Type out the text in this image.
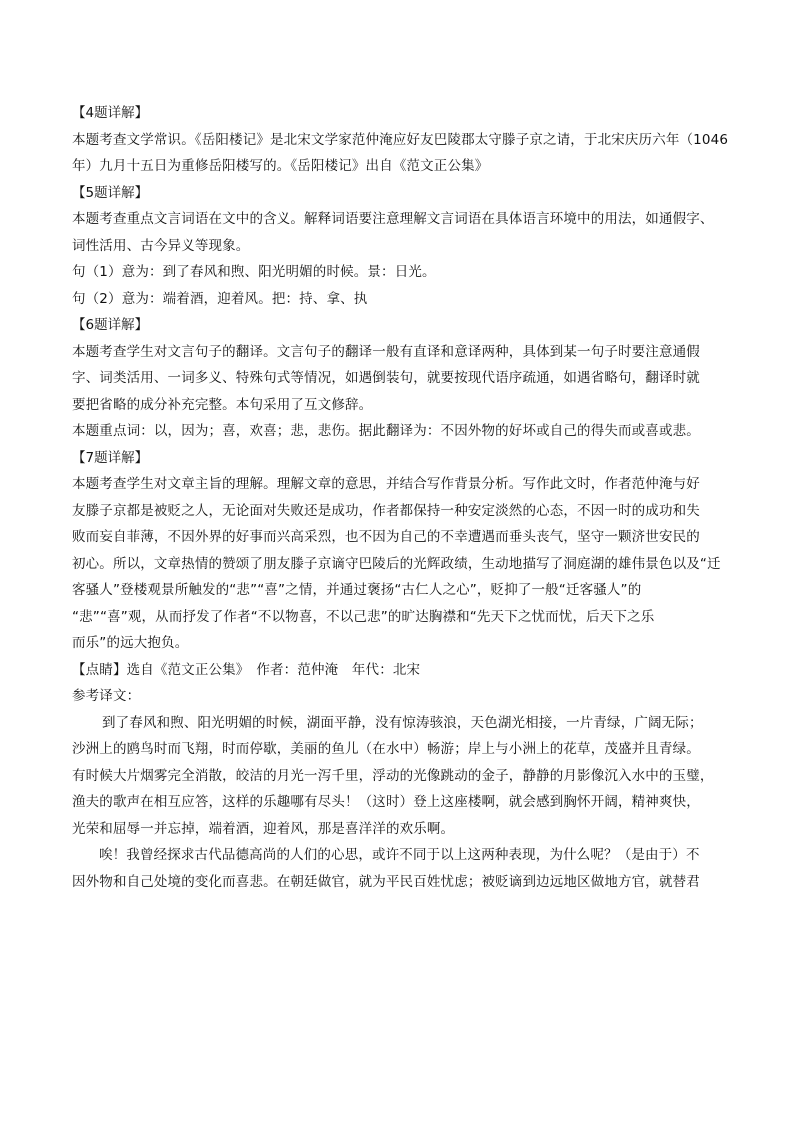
【4题详解】
本题考查文学常识。《岳阳楼记》是北宋文学家范仲淹应好友巴陵郡太守滕子京之请，于北宋庆历六年（1046
年）九月十五日为重修岳阳楼写的。《岳阳楼记》出自《范文正公集》
【5题详解】
本题考查重点文言词语在文中的含义。解释词语要注意理解文言词语在具体语言环境中的用法，如通假字、
词性活用、古今异义等现象。
句（1）意为：到了春风和煦、阳光明媚的时候。景：日光。
句（2）意为：端着酒，迎着风。把：持、拿、执
【6题详解】
本题考查学生对文言句子的翻译。文言句子的翻译一般有直译和意译两种，具体到某一句子时要注意通假
字、词类活用、一词多义、特殊句式等情况，如遇倒装句，就要按现代语序疏通，如遇省略句，翻译时就
要把省略的成分补充完整。本句采用了互文修辞。
本题重点词：以，因为；喜，欢喜；悲，悲伤。据此翻译为：不因外物的好坏或自己的得失而或喜或悲。
【7题详解】
本题考查学生对文章主旨的理解。理解文章的意思，并结合写作背景分析。写作此文时，作者范仲淹与好
友滕子京都是被贬之人，无论面对失败还是成功，作者都保持一种安定淡然的心态，不因一时的成功和失
败而妄自菲薄，不因外界的好事而兴高采烈，也不因为自己的不幸遭遇而垂头丧气，坚守一颗济世安民的
初心。所以，文章热情的赞颂了朋友滕子京谪守巴陵后的光辉政绩，生动地描写了洞庭湖的雄伟景色以及“迁
客骚人”登楼观景所触发的“悲”“喜”之情，并通过褒扬“古仁人之心”，贬抑了一般“迁客骚人”的
“悲”“喜”观，从而抒发了作者“不以物喜，不以己悲”的旷达胸襟和“先天下之忧而忧，后天下之乐
而乐”的远大抱负。
【点睛】选自《范文正公集》　作者：范仲淹　年代：北宋
参考译文：
到了春风和煦、阳光明媚的时候，湖面平静，没有惊涛骇浪，天色湖光相接，一片青绿，广阔无际；
沙洲上的鸥鸟时而飞翔，时而停歇，美丽的鱼儿（在水中）畅游；岸上与小洲上的花草，茂盛并且青绿。
有时候大片烟雾完全消散，皎洁的月光一泻千里，浮动的光像跳动的金子，静静的月影像沉入水中的玉璧，
渔夫的歌声在相互应答，这样的乐趣哪有尽头！（这时）登上这座楼啊，就会感到胸怀开阔，精神爽快，
光荣和屈辱一并忘掉，端着酒，迎着风，那是喜洋洋的欢乐啊。
唉！我曾经探求古代品德高尚的人们的心思，或许不同于以上这两种表现，为什么呢？（是由于）不
因外物和自己处境的变化而喜悲。在朝廷做官，就为平民百姓忧虑；被贬谪到边远地区做地方官，就替君
